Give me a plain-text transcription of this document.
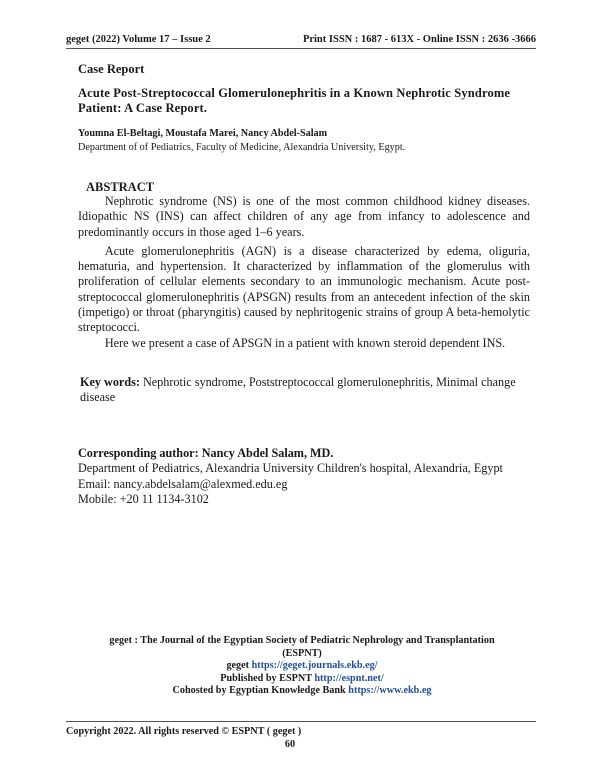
geget (2022) Volume 17 – Issue 2	Print ISSN : 1687 - 613X - Online ISSN : 2636 -3666
Case Report
Acute Post-Streptococcal Glomerulonephritis in a Known Nephrotic Syndrome Patient: A Case Report.
Youmna El-Beltagi, Moustafa Marei, Nancy Abdel-Salam
Department of of Pediatrics, Faculty of Medicine, Alexandria University, Egypt.
ABSTRACT

Nephrotic syndrome (NS) is one of the most common childhood kidney diseases. Idiopathic NS (INS) can affect children of any age from infancy to adolescence and predominantly occurs in those aged 1–6 years.

Acute glomerulonephritis (AGN) is a disease characterized by edema, oliguria, hematuria, and hypertension. It characterized by inflammation of the glomerulus with proliferation of cellular elements secondary to an immunologic mechanism. Acute post-streptococcal glomerulonephritis (APSGN) results from an antecedent infection of the skin (impetigo) or throat (pharyngitis) caused by nephritogenic strains of group A beta-hemolytic streptococci.

Here we present a case of APSGN in a patient with known steroid dependent INS.

Key words: Nephrotic syndrome, Poststreptococcal glomerulonephritis, Minimal change disease
Corresponding author: Nancy Abdel Salam, MD.
Department of Pediatrics, Alexandria University Children's hospital, Alexandria, Egypt
Email: nancy.abdelsalam@alexmed.edu.eg
Mobile: +20 11 1134-3102
geget : The Journal of the Egyptian Society of Pediatric Nephrology and Transplantation (ESPNT)
geget https://geget.journals.ekb.eg/
Published by ESPNT http://espnt.net/
Cohosted by Egyptian Knowledge Bank https://www.ekb.eg
Copyright 2022. All rights reserved © ESPNT ( geget )
60
